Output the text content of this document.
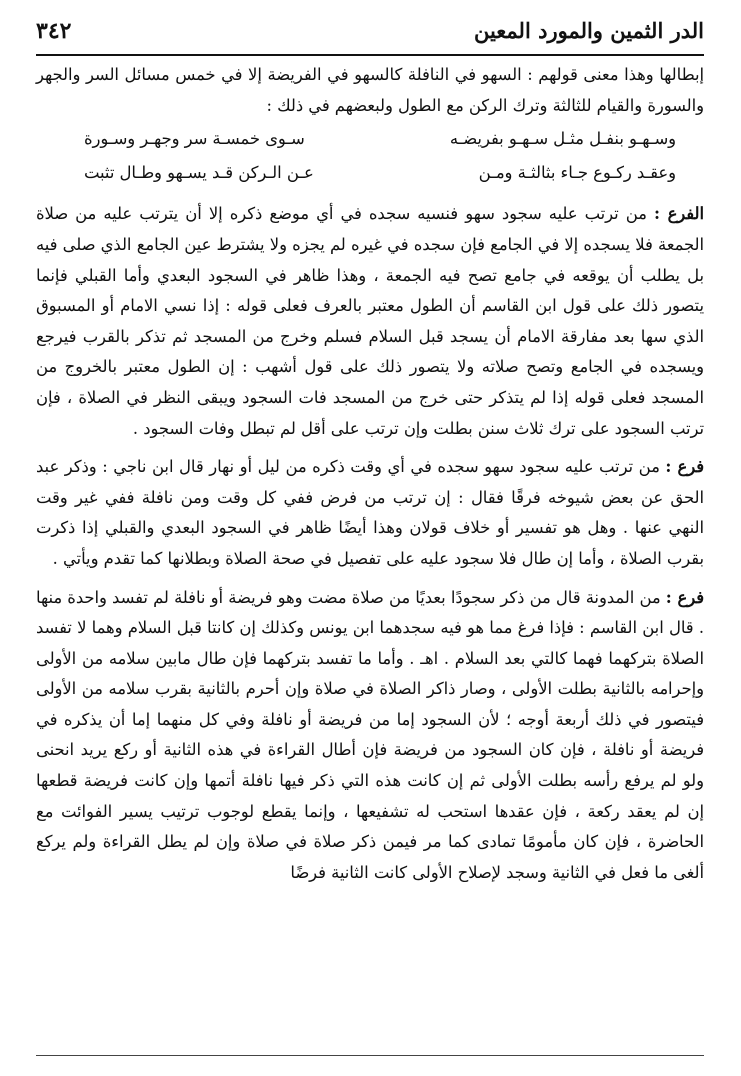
الدر الثمين والمورد المعين
٣٤٢

إبطالها وهذا معنى قولهم : السهو في النافلة كالسهو في الفريضة إلا في خمس مسائل السر والجهر والسورة والقيام للثالثة وترك الركن مع الطول ولبعضهم في ذلك :

وسـهـو بنفـل مثـل سـهـو بفريضـه
سـوى خمسـة سر وجهـر وسـورة
وعقـد ركـوع جـاء بثالثـة ومـن
عـن الـركن قـد يسـهو وطـال تثبت

الفرع : من ترتب عليه سجود سهو فنسيه سجده في أي موضع ذكره إلا أن يترتب عليه من صلاة الجمعة فلا يسجده إلا في الجامع فإن سجده في غيره لم يجزه ولا يشترط عين الجامع الذي صلى فيه بل يطلب أن يوقعه في جامع تصح فيه الجمعة ، وهذا ظاهر في السجود البعدي وأما القبلي فإنما يتصور ذلك على قول ابن القاسم أن الطول معتبر بالعرف فعلى قوله : إذا نسي الامام أو المسبوق الذي سها بعد مفارقة الامام أن يسجد قبل السلام فسلم وخرج من المسجد ثم تذكر بالقرب فيرجع ويسجده في الجامع وتصح صلاته ولا يتصور ذلك على قول أشهب : إن الطول معتبر بالخروج من المسجد فعلى قوله إذا لم يتذكر حتى خرج من المسجد فات السجود ويبقى النظر في الصلاة ، فإن ترتب السجود على ترك ثلاث سنن بطلت وإن ترتب على أقل لم تبطل وفات السجود .

فرع : من ترتب عليه سجود سهو سجده في أي وقت ذكره من ليل أو نهار قال ابن ناجي : وذكر عبد الحق عن بعض شيوخه فرقًا فقال : إن ترتب من فرض ففي كل وقت ومن نافلة ففي غير وقت النهي عنها . وهل هو تفسير أو خلاف قولان وهذا أيضًا ظاهر في السجود البعدي والقبلي إذا ذكرت بقرب الصلاة ، وأما إن طال فلا سجود عليه على تفصيل في صحة الصلاة وبطلانها كما تقدم ويأتي .

فرع : من المدونة قال من ذكر سجودًا بعديًا من صلاة مضت وهو فريضة أو نافلة لم تفسد واحدة منها . قال ابن القاسم : فإذا فرغ مما هو فيه سجدهما ابن يونس وكذلك إن كانتا قبل السلام وهما لا تفسد الصلاة بتركهما فهما كالتي بعد السلام . اهـ . وأما ما تفسد بتركهما فإن طال مابين سلامه من الأولى وإحرامه بالثانية بطلت الأولى ، وصار ذاكر الصلاة في صلاة وإن أحرم بالثانية بقرب سلامه من الأولى فيتصور في ذلك أربعة أوجه ؛ لأن السجود إما من فريضة أو نافلة وفي كل منهما إما أن يذكره في فريضة أو نافلة ، فإن كان السجود من فريضة فإن أطال القراءة في هذه الثانية أو ركع يريد انحنى ولو لم يرفع رأسه بطلت الأولى ثم إن كانت هذه التي ذكر فيها نافلة أتمها وإن كانت فريضة قطعها إن لم يعقد ركعة ، فإن عقدها استحب له تشفيعها ، وإنما يقطع لوجوب ترتيب يسير الفوائت مع الحاضرة ، فإن كان مأمومًا تمادى كما مر فيمن ذكر صلاة في صلاة وإن لم يطل القراءة ولم يركع ألغى ما فعل في الثانية وسجد لإصلاح الأولى كانت الثانية فرضًا
